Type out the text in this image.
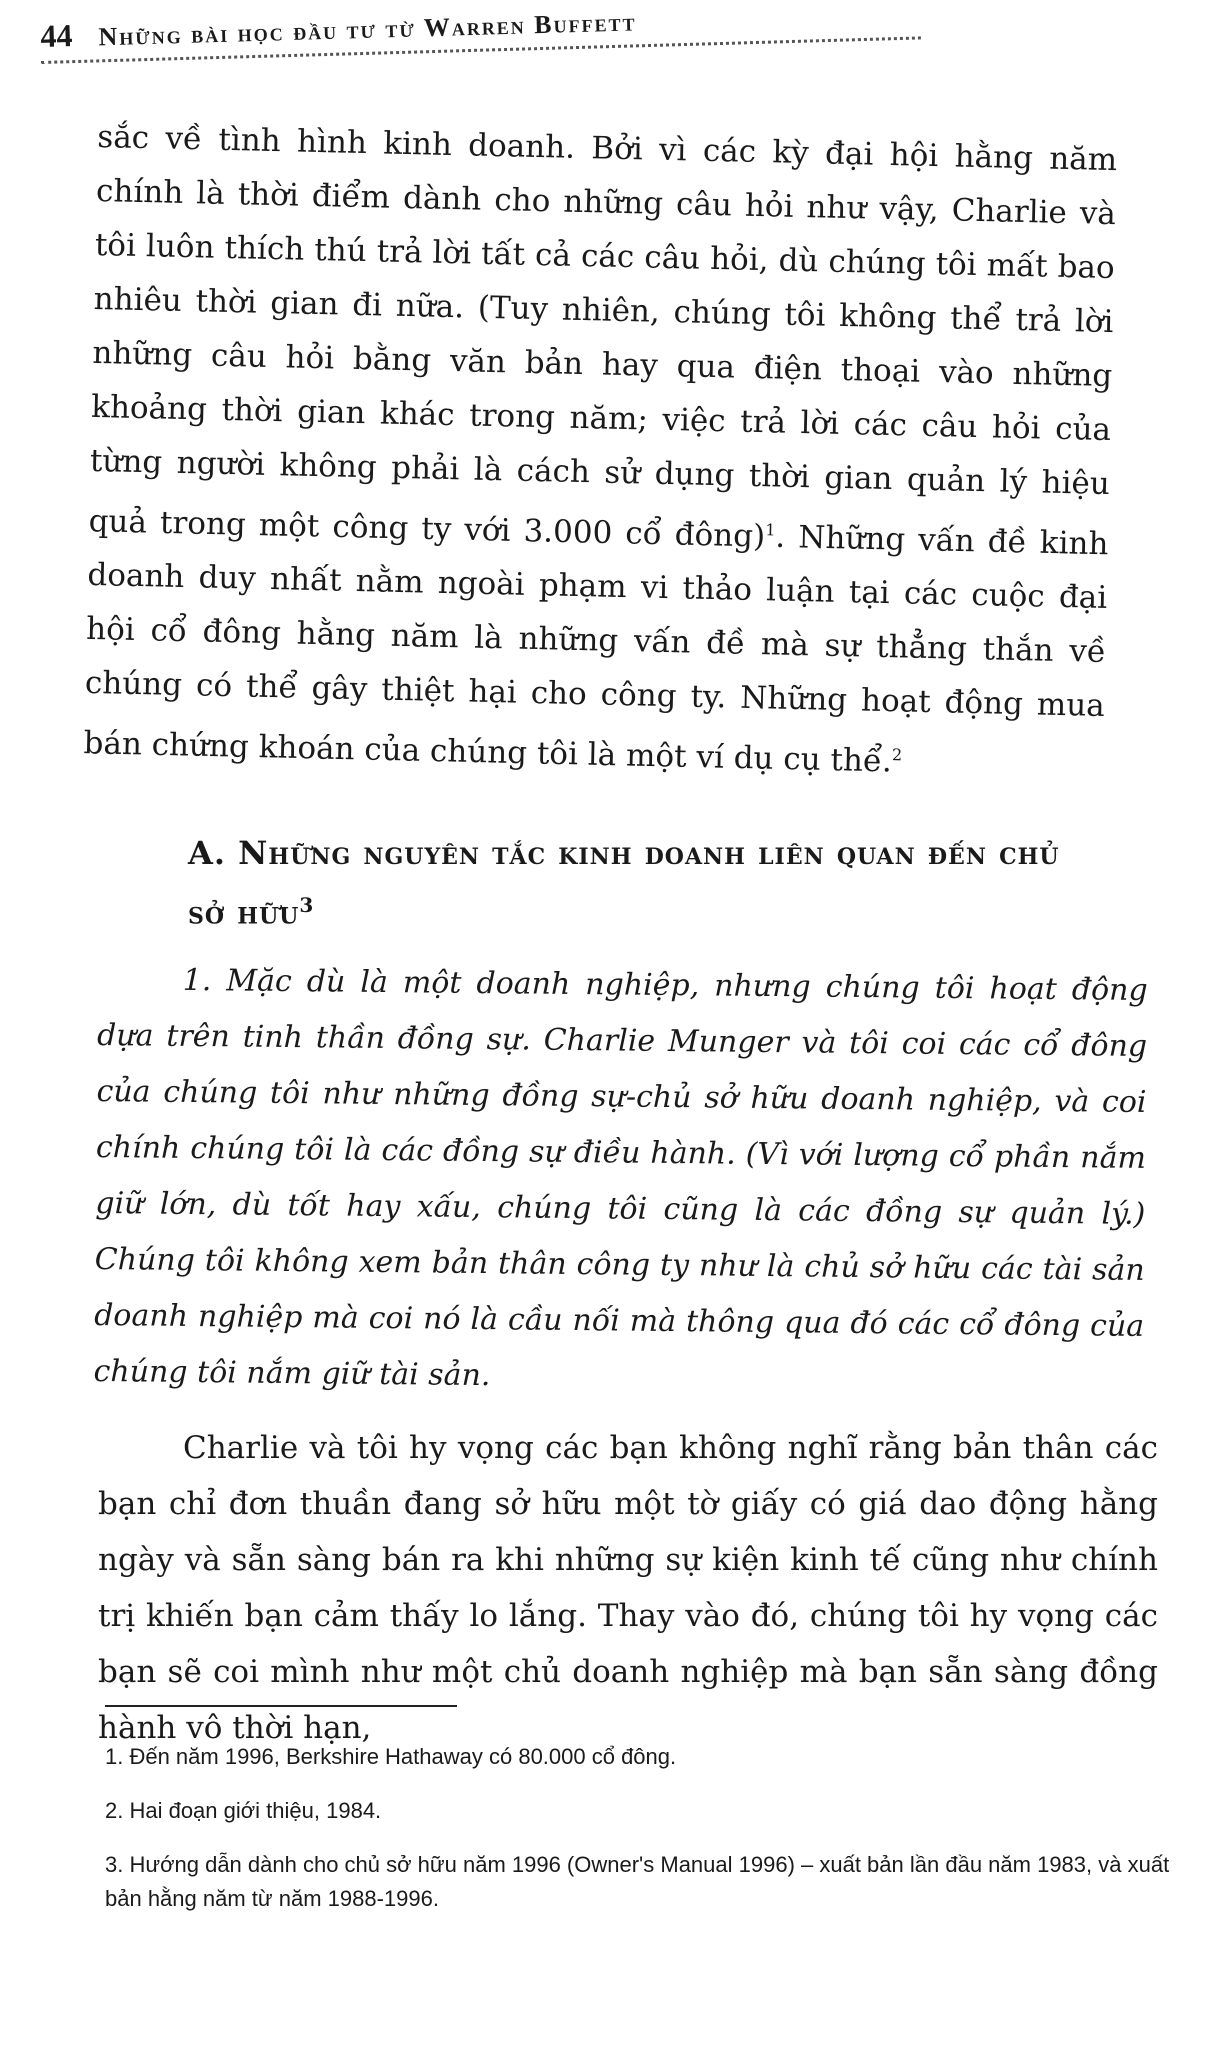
44 Những bài học đầu tư từ Warren Buffett

sắc về tình hình kinh doanh. Bởi vì các kỳ đại hội hằng năm chính là thời điểm dành cho những câu hỏi như vậy, Charlie và tôi luôn thích thú trả lời tất cả các câu hỏi, dù chúng tôi mất bao nhiêu thời gian đi nữa. (Tuy nhiên, chúng tôi không thể trả lời những câu hỏi bằng văn bản hay qua điện thoại vào những khoảng thời gian khác trong năm; việc trả lời các câu hỏi của từng người không phải là cách sử dụng thời gian quản lý hiệu quả trong một công ty với 3.000 cổ đông)$^1$. Những vấn đề kinh doanh duy nhất nằm ngoài phạm vi thảo luận tại các cuộc đại hội cổ đông hằng năm là những vấn đề mà sự thẳng thắn về chúng có thể gây thiệt hại cho công ty. Những hoạt động mua bán chứng khoán của chúng tôi là một ví dụ cụ thể.$^2$

A. Những nguyên tắc kinh doanh liên quan đến chủ sở hữu$^3$

1. Mặc dù là một doanh nghiệp, nhưng chúng tôi hoạt động dựa trên tinh thần đồng sự. Charlie Munger và tôi coi các cổ đông của chúng tôi như những đồng sự-chủ sở hữu doanh nghiệp, và coi chính chúng tôi là các đồng sự điều hành. (Vì với lượng cổ phần nắm giữ lớn, dù tốt hay xấu, chúng tôi cũng là các đồng sự quản lý.) Chúng tôi không xem bản thân công ty như là chủ sở hữu các tài sản doanh nghiệp mà coi nó là cầu nối mà thông qua đó các cổ đông của chúng tôi nắm giữ tài sản.

Charlie và tôi hy vọng các bạn không nghĩ rằng bản thân các bạn chỉ đơn thuần đang sở hữu một tờ giấy có giá dao động hằng ngày và sẵn sàng bán ra khi những sự kiện kinh tế cũng như chính trị khiến bạn cảm thấy lo lắng. Thay vào đó, chúng tôi hy vọng các bạn sẽ coi mình như một chủ doanh nghiệp mà bạn sẵn sàng đồng hành vô thời hạn,

1. Đến năm 1996, Berkshire Hathaway có 80.000 cổ đông.

2. Hai đoạn giới thiệu, 1984.

3. Hướng dẫn dành cho chủ sở hữu năm 1996 (Owner's Manual 1996) – xuất bản lần đầu năm 1983, và xuất bản hằng năm từ năm 1988-1996.
